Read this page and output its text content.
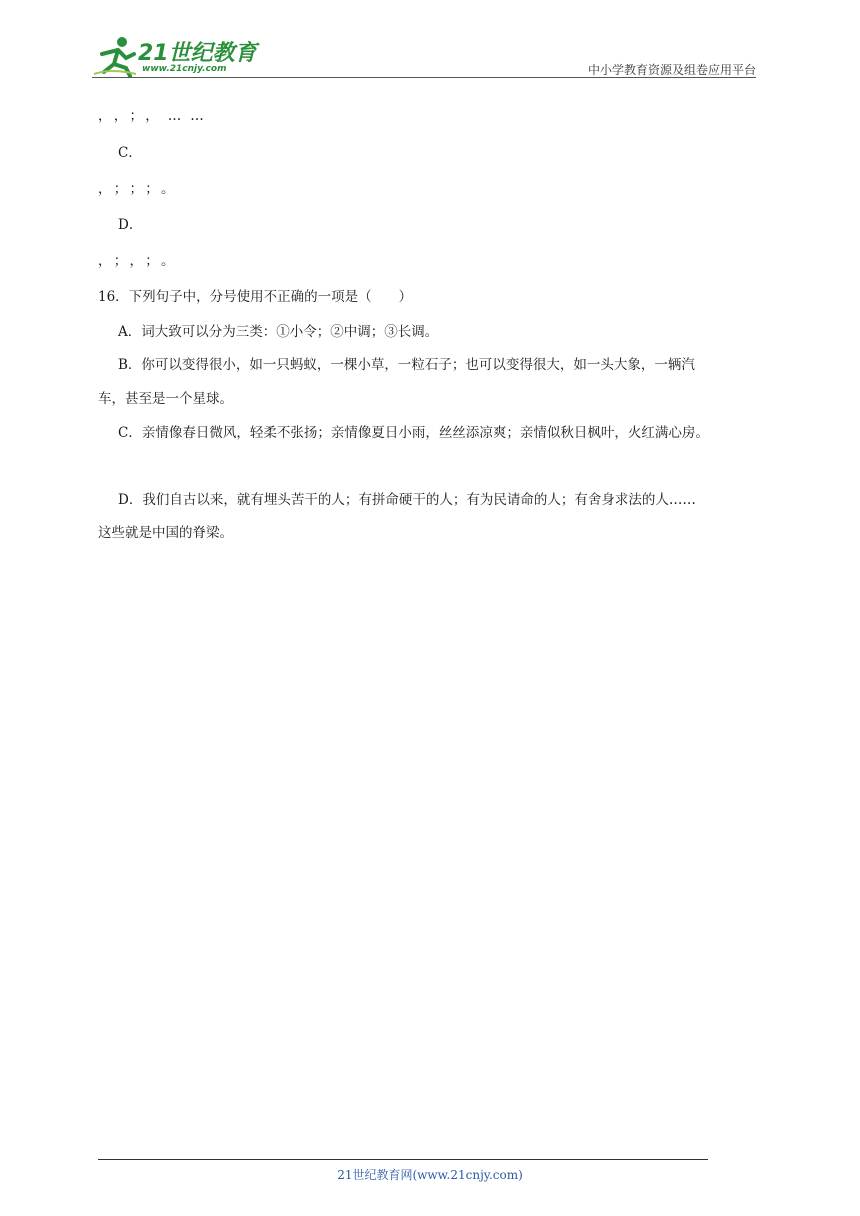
21世纪教育
www.21cnjy.com	中小学教育资源及组卷应用平台
，，；，……
C．
，；；；。
D．
，；，；。
16．下列句子中，分号使用不正确的一项是（　　）
A．词大致可以分为三类：①小令；②中调；③长调。
B．你可以变得很小，如一只蚂蚁，一棵小草，一粒石子；也可以变得很大，如一头大象，一辆汽
车，甚至是一个星球。
C．亲情像春日微风，轻柔不张扬；亲情像夏日小雨，丝丝添凉爽；亲情似秋日枫叶，火红满心房。
D．我们自古以来，就有埋头苦干的人；有拼命硬干的人；有为民请命的人；有舍身求法的人……
这些就是中国的脊梁。
21世纪教育网(www.21cnjy.com)
